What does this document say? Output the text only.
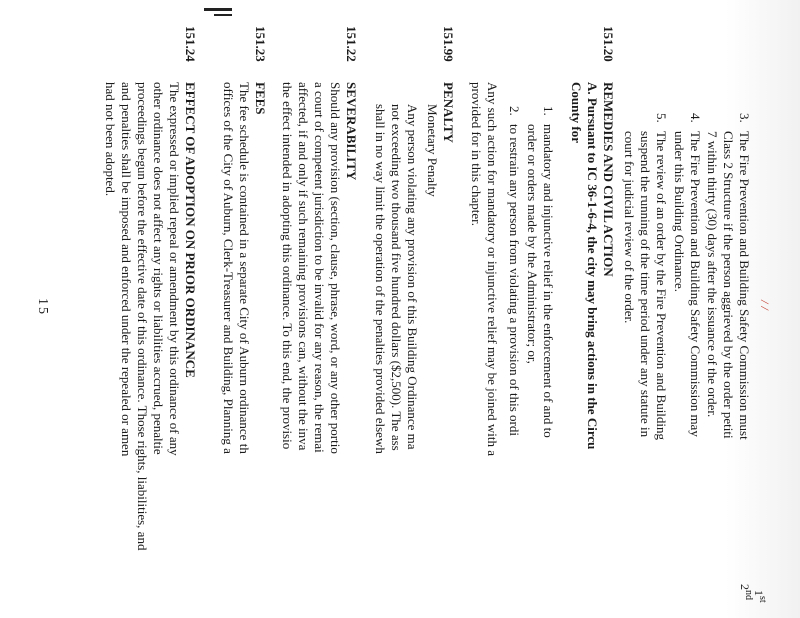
1st
2nd
/ /
3.
The Fire Prevention and Building Safety Commission must
Class 2 Structure if the person aggrieved by the order petiti
7 within thirty (30) days after the issuance of the order.
4.
The Fire Prevention and Building Safety Commission may
under this Building Ordinance.
5.
The review of an order by the Fire Prevention and Building
suspend the running of the time period under any statute in
court for judicial review of the order.
151.20
REMEDIES AND CIVIL ACTION
A. Pursuant to IC 36-1-6-4, the city may bring actions in the Circu
County for
1.
mandatory and injunctive relief in the enforcement of and to
order or orders made by the Administrator; or,
2.
to restrain any person from violating a provision of this ordi
Any such action for mandatory or injunctive relief may be joined with a
provided for in this chapter.
151.99
PENALTY
Monetary Penalty
Any person violating any provision of this Building Ordinance ma
not exceeding two thousand five hundred dollars ($2,500). The ass
shall in no way limit the operation of the penalties provided elsewh
151.22
SEVERABILITY
Should any provision (section, clause, phrase, word, or any other portio
a court of competent jurisdiction to be invalid for any reason, the remai
affected, if and only if such remaining provisions can, without the inva
the effect intended in adopting this ordinance. To this end, the provisio
151.23
FEES
The fee schedule is contained in a separate City of Auburn ordinance th
offices of the City of Auburn, Clerk-Treasurer and Building, Planning a
151.24
EFFECT OF ADOPTION ON PRIOR ORDINANCE
The expressed or implied repeal or amendment by this ordinance of any
other ordinance does not affect any rights or liabilities accrued, penaltie
proceedings begun before the effective date of this ordinance. Those rights, liabilities, and
and penalties shall be imposed and enforced under the repealed or amen
had not been adopted.
15
